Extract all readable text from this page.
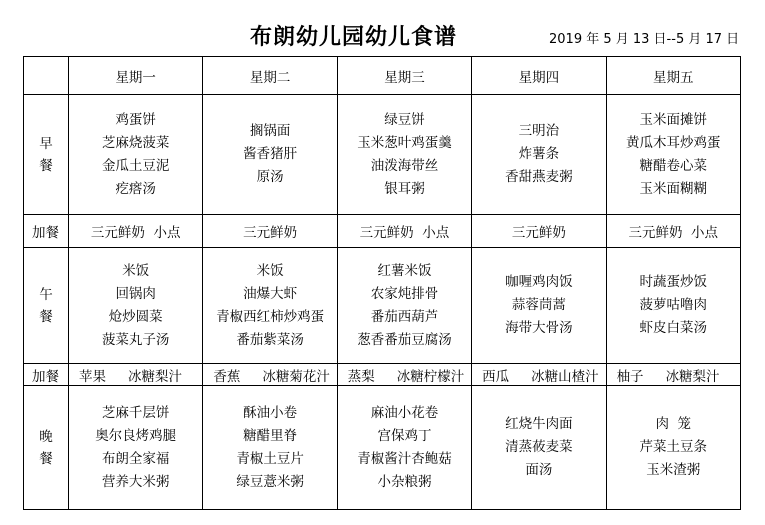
布朗幼儿园幼儿食谱	2019 年 5 月 13 日--5 月 17 日
	星期一	星期二	星期三	星期四	星期五

早
餐	鸡蛋饼
芝麻烧菠菜
金瓜土豆泥
疙瘩汤	搁锅面
酱香猪肝
原汤	绿豆饼
玉米葱叶鸡蛋羹
油泼海带丝
银耳粥	三明治
炸薯条
香甜燕麦粥	玉米面摊饼
黄瓜木耳炒鸡蛋
糖醋卷心菜
玉米面糊糊

加餐	三元鲜奶  小点	三元鲜奶	三元鲜奶  小点	三元鲜奶	三元鲜奶  小点

午
餐	米饭
回锅肉
炝炒圆菜
菠菜丸子汤	米饭
油爆大虾
青椒西红柿炒鸡蛋
番茄紫菜汤	红薯米饭
农家炖排骨
番茄西葫芦
葱香番茄豆腐汤	咖喱鸡肉饭
蒜蓉茼蒿
海带大骨汤	时蔬蛋炒饭
菠萝咕噜肉
虾皮白菜汤

加餐	苹果 冰糖梨汁	香蕉 冰糖菊花汁	蒸梨 冰糖柠檬汁	西瓜 冰糖山楂汁	柚子 冰糖梨汁

晚
餐	芝麻千层饼
奥尔良烤鸡腿
布朗全家福
营养大米粥	酥油小卷
糖醋里脊
青椒土豆片
绿豆薏米粥	麻油小花卷
宫保鸡丁
青椒酱汁杏鲍菇
小杂粮粥	红烧牛肉面
清蒸莜麦菜
面汤	肉  笼
芹菜土豆条
玉米渣粥
